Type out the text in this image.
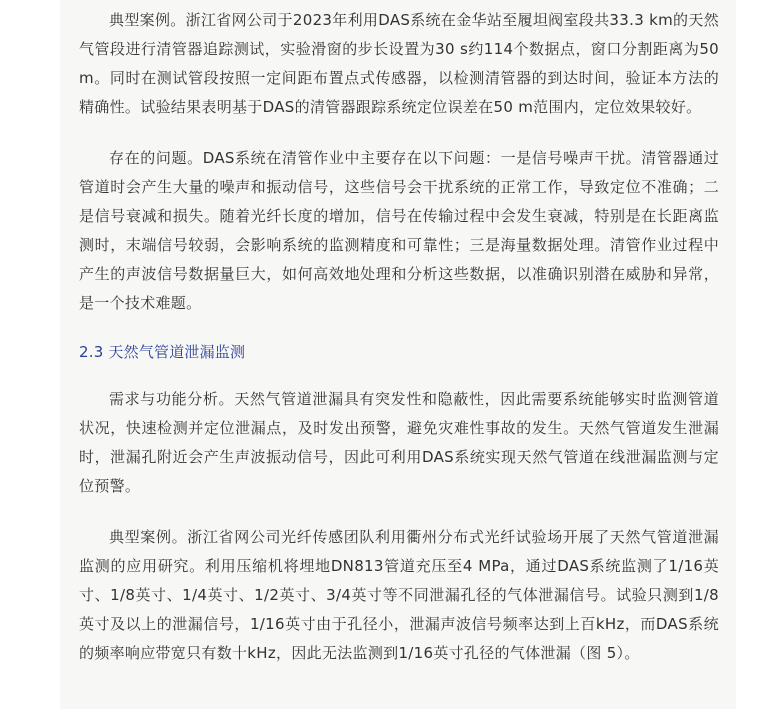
典型案例。浙江省网公司于2023年利用DAS系统在金华站至履坦阀室段共33.3 km的天然气管段进行清管器追踪测试，实验滑窗的步长设置为30 s约114个数据点，窗口分割距离为50 m。同时在测试管段按照一定间距布置点式传感器，以检测清管器的到达时间，验证本方法的精确性。试验结果表明基于DAS的清管器跟踪系统定位误差在50 m范围内，定位效果较好。

存在的问题。DAS系统在清管作业中主要存在以下问题：一是信号噪声干扰。清管器通过管道时会产生大量的噪声和振动信号，这些信号会干扰系统的正常工作，导致定位不准确；二是信号衰减和损失。随着光纤长度的增加，信号在传输过程中会发生衰减，特别是在长距离监测时，末端信号较弱，会影响系统的监测精度和可靠性；三是海量数据处理。清管作业过程中产生的声波信号数据量巨大，如何高效地处理和分析这些数据，以准确识别潜在威胁和异常，是一个技术难题。

2.3 天然气管道泄漏监测

需求与功能分析。天然气管道泄漏具有突发性和隐蔽性，因此需要系统能够实时监测管道状况，快速检测并定位泄漏点，及时发出预警，避免灾难性事故的发生。天然气管道发生泄漏时，泄漏孔附近会产生声波振动信号，因此可利用DAS系统实现天然气管道在线泄漏监测与定位预警。

典型案例。浙江省网公司光纤传感团队利用衢州分布式光纤试验场开展了天然气管道泄漏监测的应用研究。利用压缩机将埋地DN813管道充压至4 MPa，通过DAS系统监测了1/16英寸、1/8英寸、1/4英寸、1/2英寸、3/4英寸等不同泄漏孔径的气体泄漏信号。试验只测到1/8英寸及以上的泄漏信号，1/16英寸由于孔径小，泄漏声波信号频率达到上百kHz，而DAS系统的频率响应带宽只有数十kHz，因此无法监测到1/16英寸孔径的气体泄漏（图 5）。
